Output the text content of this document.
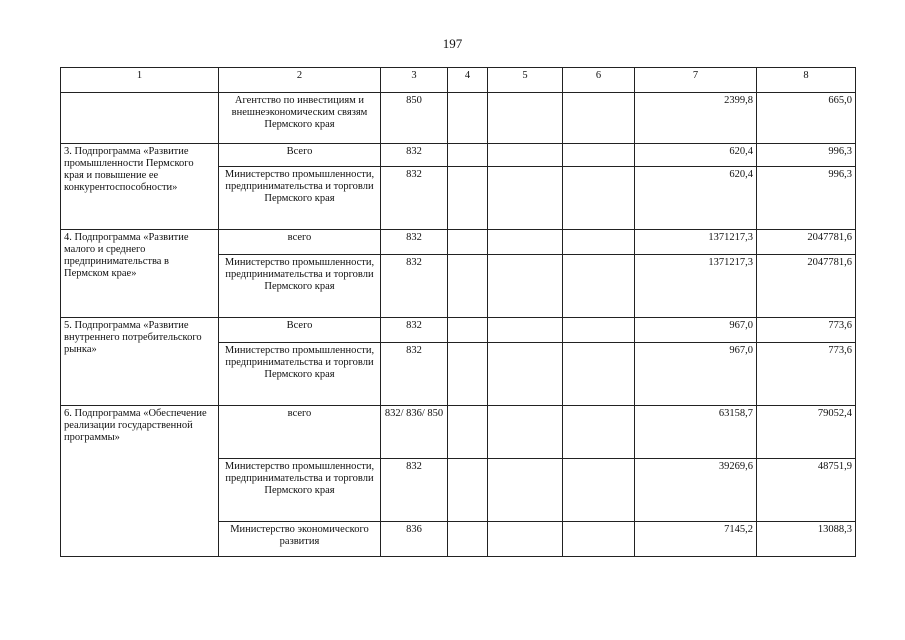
197
1	2	3	4	5	6	7	8
	Агентство по инвестициям и внешнеэкономическим связям Пермского края	850				2399,8	665,0
3. Подпрограмма «Развитие промышленности Пермского края и повышение ее конкурентоспособности»	Всего	832				620,4	996,3
	Министерство промышленности, предпринимательства и торговли Пермского края	832				620,4	996,3
4. Подпрограмма «Развитие малого и среднего предпринимательства в Пермском крае»	всего	832				1371217,3	2047781,6
	Министерство промышленности, предпринимательства и торговли Пермского края	832				1371217,3	2047781,6
5. Подпрограмма «Развитие внутреннего потребительского рынка»	Всего	832				967,0	773,6
	Министерство промышленности, предпринимательства и торговли Пермского края	832				967,0	773,6
6. Подпрограмма «Обеспечение реализации государственной программы»	всего	832/ 836/ 850				63158,7	79052,4
	Министерство промышленности, предпринимательства и торговли Пермского края	832				39269,6	48751,9
	Министерство экономического развития	836				7145,2	13088,3
